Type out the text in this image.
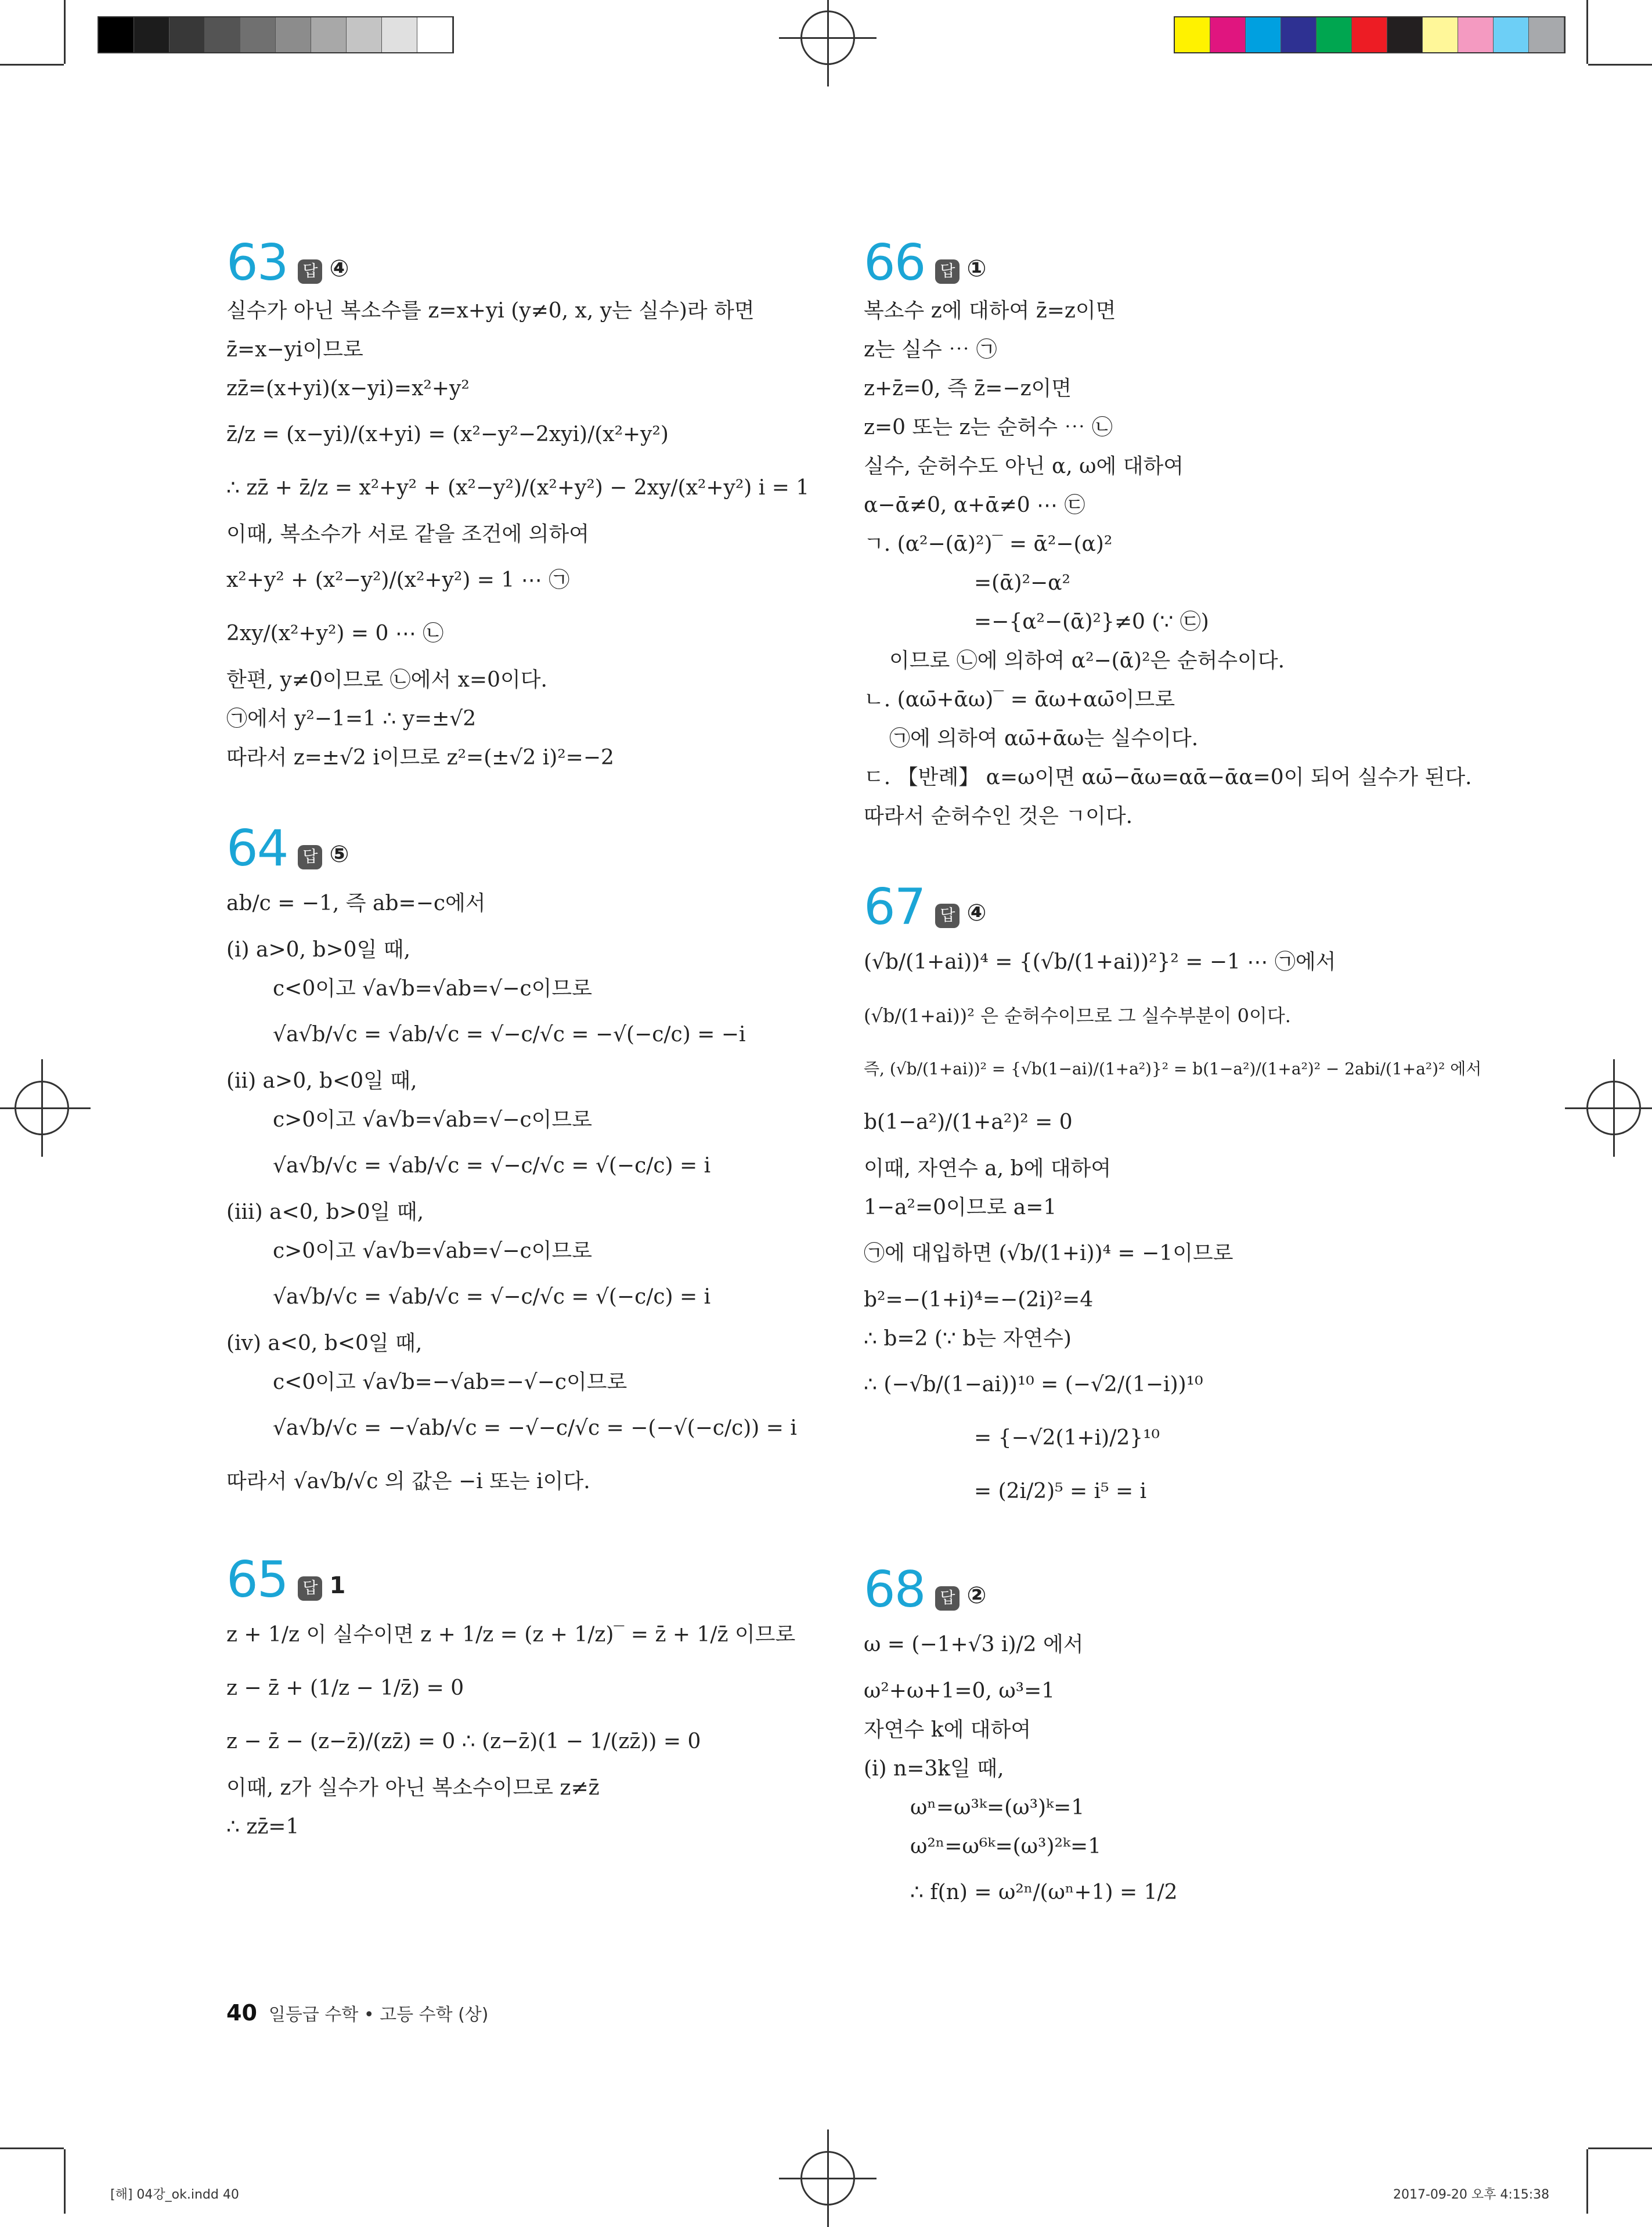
63 답 ④
실수가 아닌 복소수를 z=x+yi (y≠0, x, y는 실수)라 하면
z̄=x−yi이므로
zz̄=(x+yi)(x−yi)=x²+y²
z̄/z = (x−yi)/(x+yi) = (x²−y²−2xyi)/(x²+y²)
∴ zz̄ + z̄/z = x²+y² + (x²−y²)/(x²+y²) − 2xy/(x²+y²) i = 1
이때, 복소수가 서로 같을 조건에 의하여
x²+y² + (x²−y²)/(x²+y²) = 1 ⋯ ㉠
2xy/(x²+y²) = 0 ⋯ ㉡
한편, y≠0이므로 ㉡에서 x=0이다.
㉠에서 y²−1=1 ∴ y=±√2
따라서 z=±√2 i이므로 z²=(±√2 i)²=−2
64 답 ⑤
ab/c = −1, 즉 ab=−c에서
(ⅰ) a>0, b>0일 때,
c<0이고 √a√b=√ab=√−c이므로
√a√b/√c = √ab/√c = √−c/√c = −√(−c/c) = −i
(ⅱ) a>0, b<0일 때,
c>0이고 √a√b=√ab=√−c이므로
√a√b/√c = √ab/√c = √−c/√c = √(−c/c) = i
(ⅲ) a<0, b>0일 때,
c>0이고 √a√b=√ab=√−c이므로
√a√b/√c = √ab/√c = √−c/√c = √(−c/c) = i
(ⅳ) a<0, b<0일 때,
c<0이고 √a√b=−√ab=−√−c이므로
√a√b/√c = −√ab/√c = −√−c/√c = −(−√(−c/c)) = i
따라서 √a√b/√c 의 값은 −i 또는 i이다.
65 답 1
z + 1/z 이 실수이면 z + 1/z = (z + 1/z)‾ = z̄ + 1/z̄ 이므로
z − z̄ + (1/z − 1/z̄) = 0
z − z̄ − (z−z̄)/(zz̄) = 0 ∴ (z−z̄)(1 − 1/(zz̄)) = 0
이때, z가 실수가 아닌 복소수이므로 z≠z̄
∴ zz̄=1
66 답 ①
복소수 z에 대하여 z̄=z이면
z는 실수 ⋯ ㉠
z+z̄=0, 즉 z̄=−z이면
z=0 또는 z는 순허수 ⋯ ㉡
실수, 순허수도 아닌 α, ω에 대하여
α−ᾱ≠0, α+ᾱ≠0 ⋯ ㉢
ㄱ. (α²−(ᾱ)²)‾ = ᾱ²−(α)²
=(ᾱ)²−α²
=−{α²−(ᾱ)²}≠0 (∵ ㉢)
이므로 ㉡에 의하여 α²−(ᾱ)²은 순허수이다.
ㄴ. (αω̄+ᾱω)‾ = ᾱω+αω̄이므로
㉠에 의하여 αω̄+ᾱω는 실수이다.
ㄷ. 【반례】 α=ω이면 αω̄−ᾱω=αᾱ−ᾱα=0이 되어 실수가 된다.
따라서 순허수인 것은 ㄱ이다.
67 답 ④
(√b/(1+ai))⁴ = {(√b/(1+ai))²}² = −1 ⋯ ㉠에서
(√b/(1+ai))² 은 순허수이므로 그 실수부분이 0이다.
즉, (√b/(1+ai))² = {√b(1−ai)/(1+a²)}² = b(1−a²)/(1+a²)² − 2abi/(1+a²)² 에서
b(1−a²)/(1+a²)² = 0
이때, 자연수 a, b에 대하여
1−a²=0이므로 a=1
㉠에 대입하면 (√b/(1+i))⁴ = −1이므로
b²=−(1+i)⁴=−(2i)²=4
∴ b=2 (∵ b는 자연수)
∴ (−√b/(1−ai))¹⁰ = (−√2/(1−i))¹⁰
= {−√2(1+i)/2}¹⁰
= (2i/2)⁵ = i⁵ = i
68 답 ②
ω = (−1+√3 i)/2 에서
ω²+ω+1=0, ω³=1
자연수 k에 대하여
(ⅰ) n=3k일 때,
ωⁿ=ω³ᵏ=(ω³)ᵏ=1
ω²ⁿ=ω⁶ᵏ=(ω³)²ᵏ=1
∴ f(n) = ω²ⁿ/(ωⁿ+1) = 1/2
40 일등급 수학 • 고등 수학 (상)
[해] 04강_ok.indd 40	2017-09-20 오후 4:15:38
